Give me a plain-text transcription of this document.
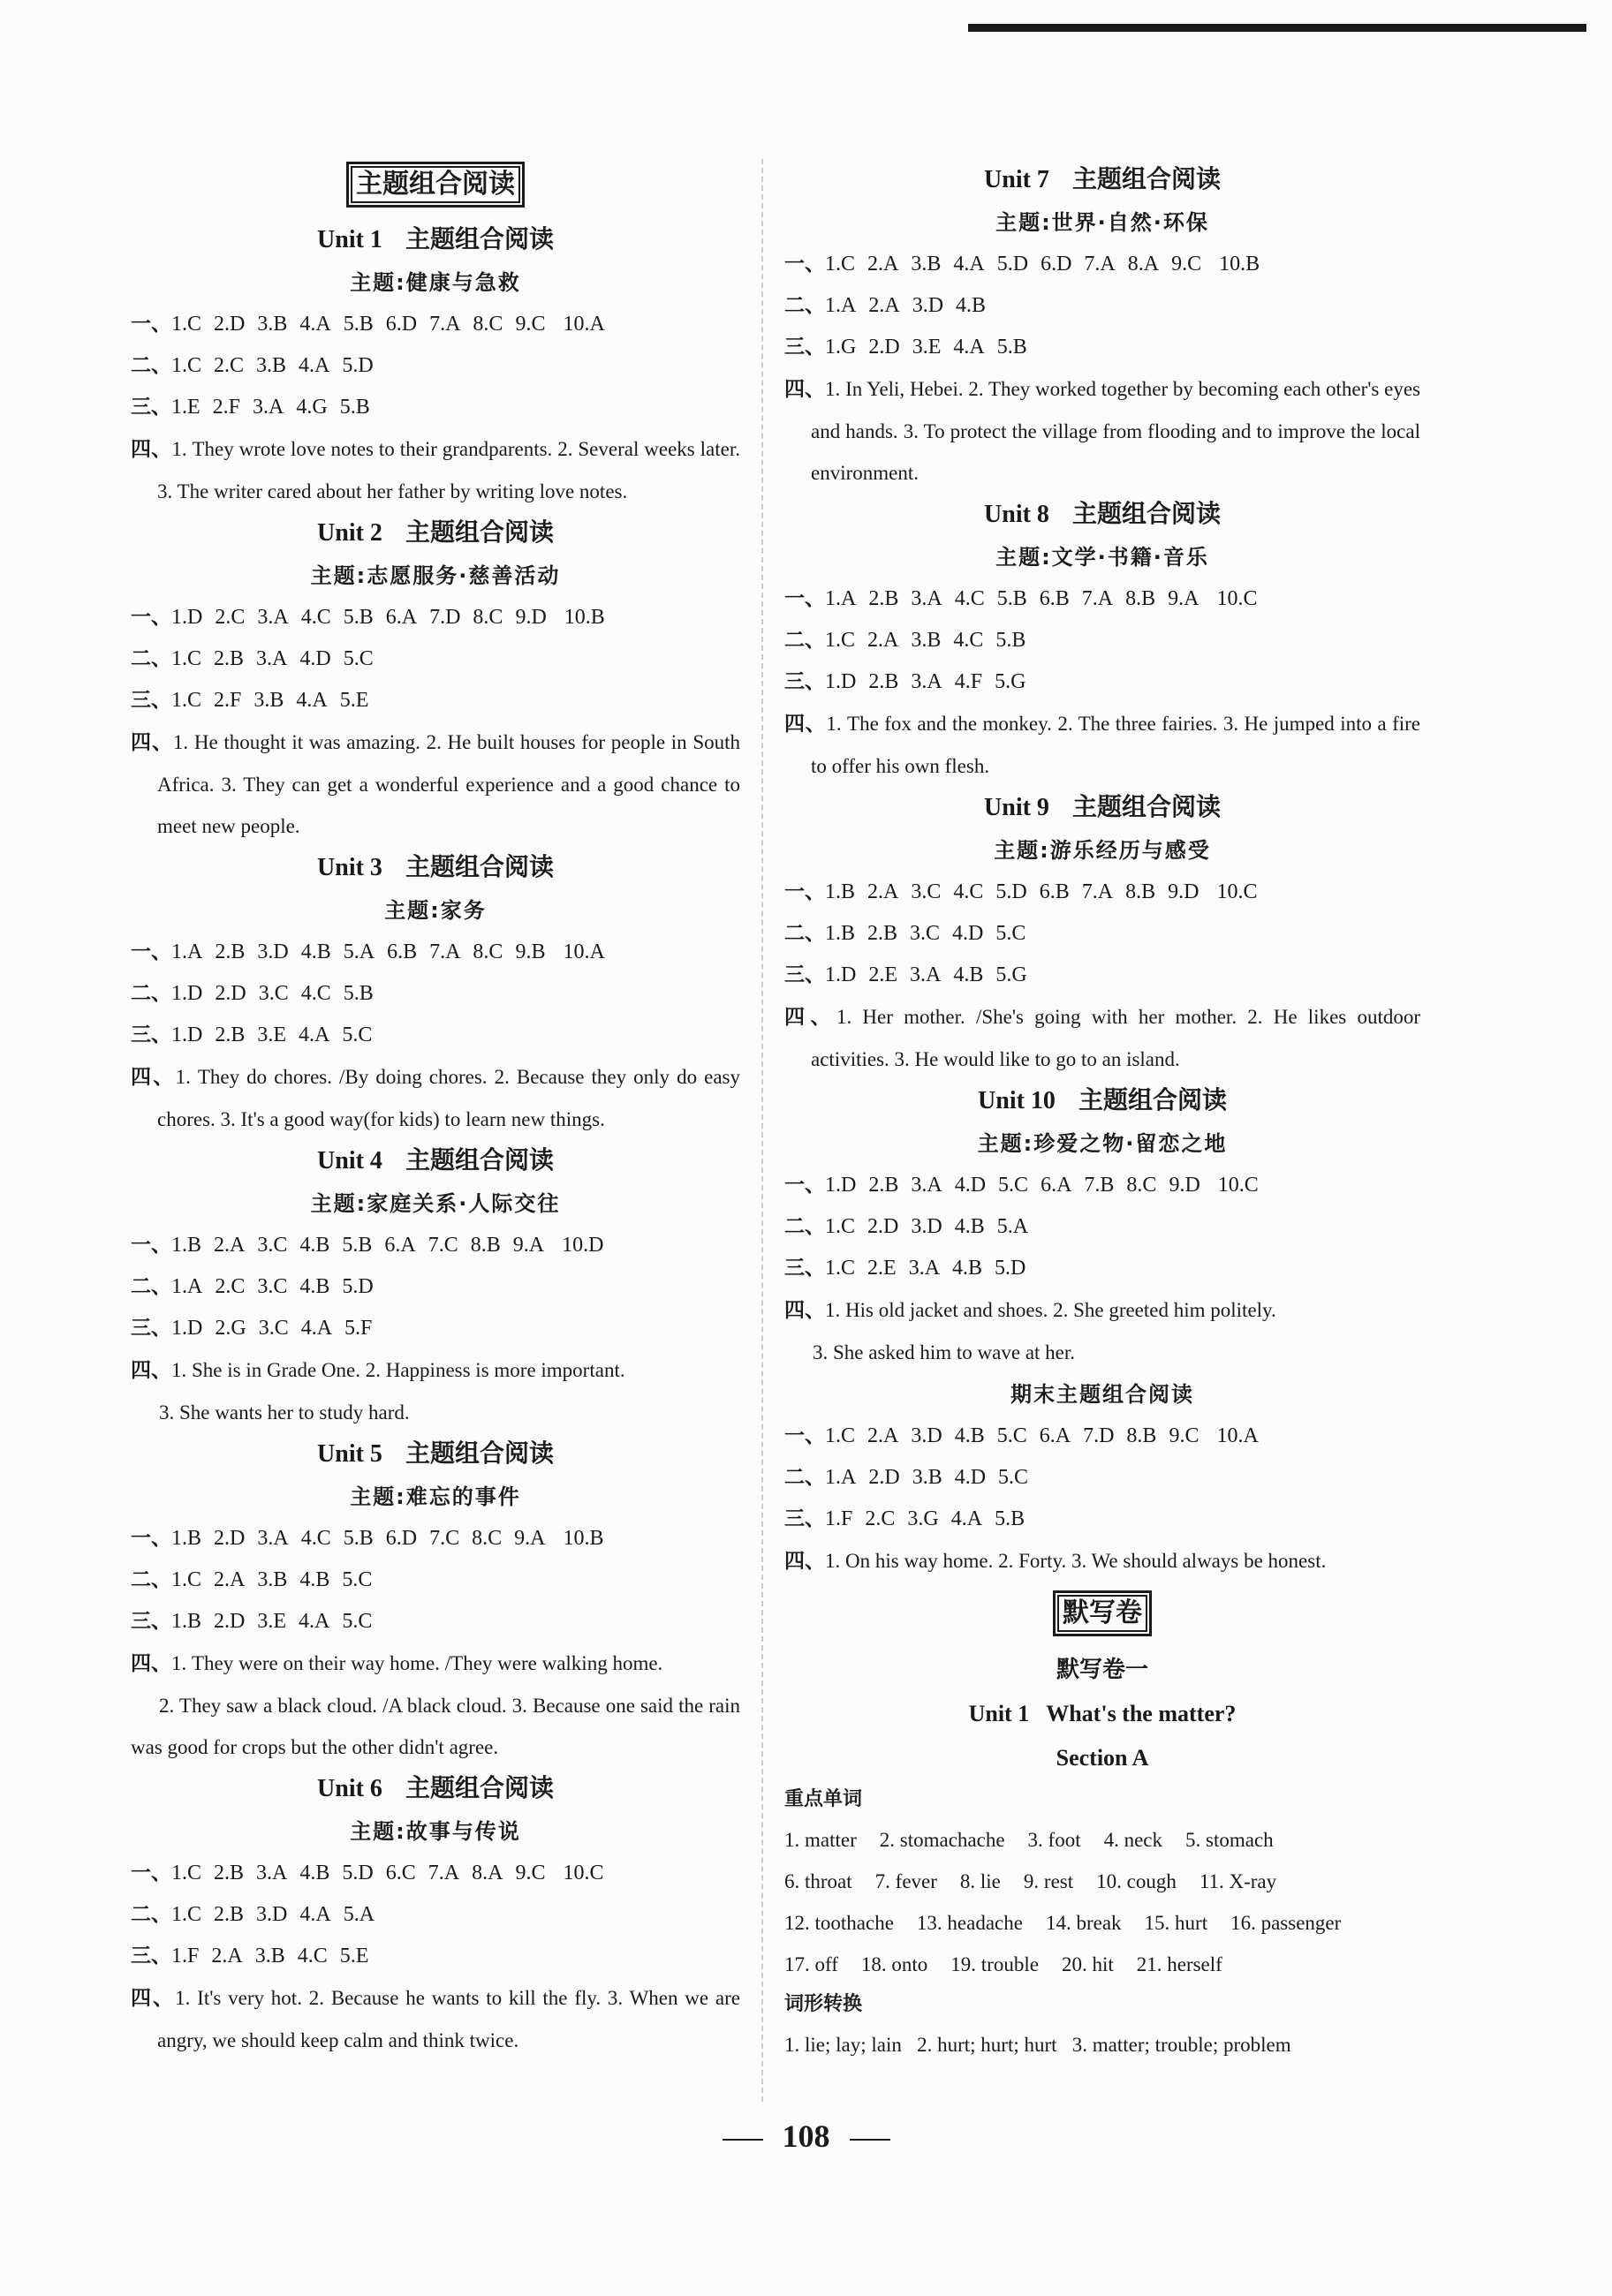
主题组合阅读
Unit 1 主题组合阅读
主题:健康与急救
一、1.C 2.D 3.B 4.A 5.B 6.D 7.A 8.C 9.C 10.A
二、1.C 2.C 3.B 4.A 5.D
三、1.E 2.F 3.A 4.G 5.B
四、1. They wrote love notes to their grandparents. 2. Several weeks later. 3. The writer cared about her father by writing love notes.
Unit 2 主题组合阅读
主题:志愿服务·慈善活动
一、1.D 2.C 3.A 4.C 5.B 6.A 7.D 8.C 9.D 10.B
二、1.C 2.B 3.A 4.D 5.C
三、1.C 2.F 3.B 4.A 5.E
四、1. He thought it was amazing. 2. He built houses for people in South Africa. 3. They can get a wonderful experience and a good chance to meet new people.
Unit 3 主题组合阅读
主题:家务
一、1.A 2.B 3.D 4.B 5.A 6.B 7.A 8.C 9.B 10.A
二、1.D 2.D 3.C 4.C 5.B
三、1.D 2.B 3.E 4.A 5.C
四、1. They do chores. /By doing chores. 2. Because they only do easy chores. 3. It's a good way(for kids) to learn new things.
Unit 4 主题组合阅读
主题:家庭关系·人际交往
一、1.B 2.A 3.C 4.B 5.B 6.A 7.C 8.B 9.A 10.D
二、1.A 2.C 3.C 4.B 5.D
三、1.D 2.G 3.C 4.A 5.F
四、1. She is in Grade One. 2. Happiness is more important.
3. She wants her to study hard.
Unit 5 主题组合阅读
主题:难忘的事件
一、1.B 2.D 3.A 4.C 5.B 6.D 7.C 8.C 9.A 10.B
二、1.C 2.A 3.B 4.B 5.C
三、1.B 2.D 3.E 4.A 5.C
四、1. They were on their way home. /They were walking home.
2. They saw a black cloud. /A black cloud. 3. Because one said the rain was good for crops but the other didn't agree.
Unit 6 主题组合阅读
主题:故事与传说
一、1.C 2.B 3.A 4.B 5.D 6.C 7.A 8.A 9.C 10.C
二、1.C 2.B 3.D 4.A 5.A
三、1.F 2.A 3.B 4.C 5.E
四、1. It's very hot. 2. Because he wants to kill the fly. 3. When we are angry, we should keep calm and think twice.
Unit 7 主题组合阅读
主题:世界·自然·环保
一、1.C 2.A 3.B 4.A 5.D 6.D 7.A 8.A 9.C 10.B
二、1.A 2.A 3.D 4.B
三、1.G 2.D 3.E 4.A 5.B
四、1. In Yeli, Hebei. 2. They worked together by becoming each other's eyes and hands. 3. To protect the village from flooding and to improve the local environment.
Unit 8 主题组合阅读
主题:文学·书籍·音乐
一、1.A 2.B 3.A 4.C 5.B 6.B 7.A 8.B 9.A 10.C
二、1.C 2.A 3.B 4.C 5.B
三、1.D 2.B 3.A 4.F 5.G
四、1. The fox and the monkey. 2. The three fairies. 3. He jumped into a fire to offer his own flesh.
Unit 9 主题组合阅读
主题:游乐经历与感受
一、1.B 2.A 3.C 4.C 5.D 6.B 7.A 8.B 9.D 10.C
二、1.B 2.B 3.C 4.D 5.C
三、1.D 2.E 3.A 4.B 5.G
四、1. Her mother. /She's going with her mother. 2. He likes outdoor activities. 3. He would like to go to an island.
Unit 10 主题组合阅读
主题:珍爱之物·留恋之地
一、1.D 2.B 3.A 4.D 5.C 6.A 7.B 8.C 9.D 10.C
二、1.C 2.D 3.D 4.B 5.A
三、1.C 2.E 3.A 4.B 5.D
四、1. His old jacket and shoes. 2. She greeted him politely.
3. She asked him to wave at her.
期末主题组合阅读
一、1.C 2.A 3.D 4.B 5.C 6.A 7.D 8.B 9.C 10.A
二、1.A 2.D 3.B 4.D 5.C
三、1.F 2.C 3.G 4.A 5.B
四、1. On his way home. 2. Forty. 3. We should always be honest.
默写卷
默写卷一
Unit 1   What's the matter?
Section A
重点单词
1. matter 2. stomachache 3. foot 4. neck 5. stomach
6. throat 7. fever 8. lie 9. rest 10. cough 11. X-ray
12. toothache 13. headache 14. break 15. hurt 16. passenger
17. off 18. onto 19. trouble 20. hit 21. herself
词形转换
1. lie; lay; lain   2. hurt; hurt; hurt   3. matter; trouble; problem
108
